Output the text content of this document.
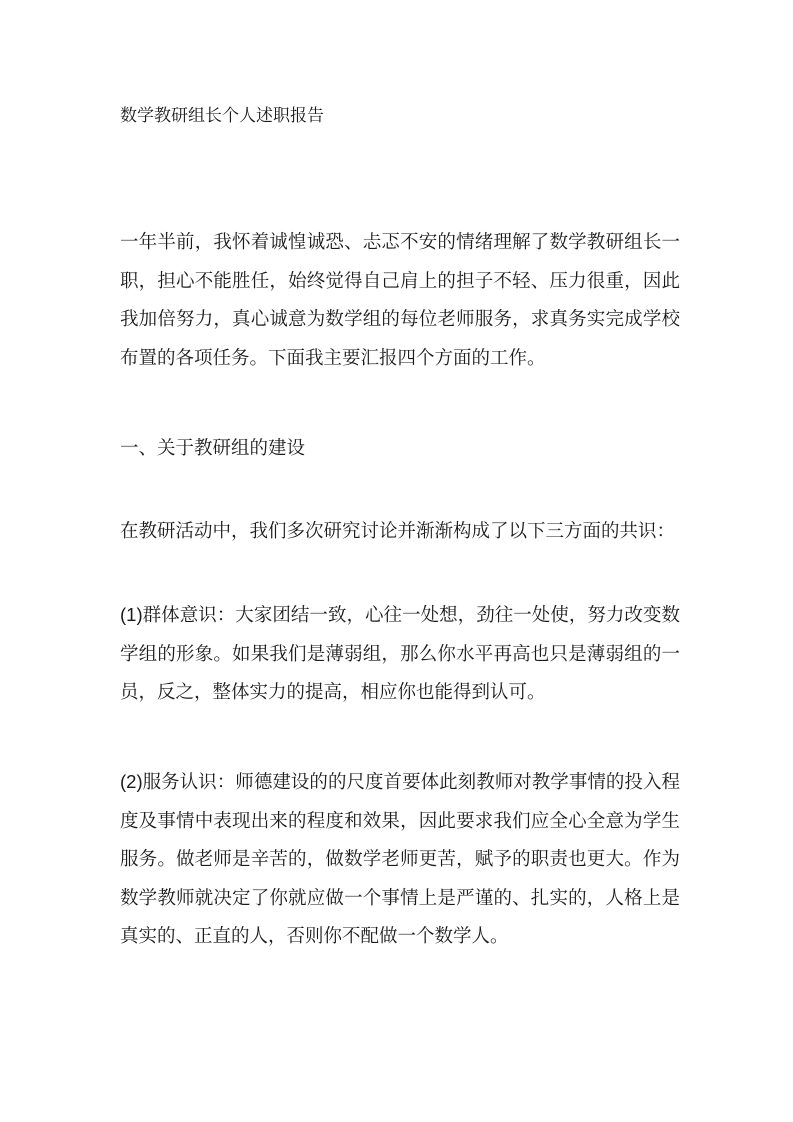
数学教研组长个人述职报告
一年半前，我怀着诚惶诚恐、忐忑不安的情绪理解了数学教研组长一
职，担心不能胜任，始终觉得自己肩上的担子不轻、压力很重，因此
我加倍努力，真心诚意为数学组的每位老师服务，求真务实完成学校
布置的各项任务。下面我主要汇报四个方面的工作。
一、关于教研组的建设
在教研活动中，我们多次研究讨论并渐渐构成了以下三方面的共识：
(1)群体意识：大家团结一致，心往一处想，劲往一处使，努力改变数
学组的形象。如果我们是薄弱组，那么你水平再高也只是薄弱组的一
员，反之，整体实力的提高，相应你也能得到认可。
(2)服务认识：师德建设的的尺度首要体此刻教师对教学事情的投入程
度及事情中表现出来的程度和效果，因此要求我们应全心全意为学生
服务。做老师是辛苦的，做数学老师更苦，赋予的职责也更大。作为
数学教师就决定了你就应做一个事情上是严谨的、扎实的，人格上是
真实的、正直的人，否则你不配做一个数学人。
